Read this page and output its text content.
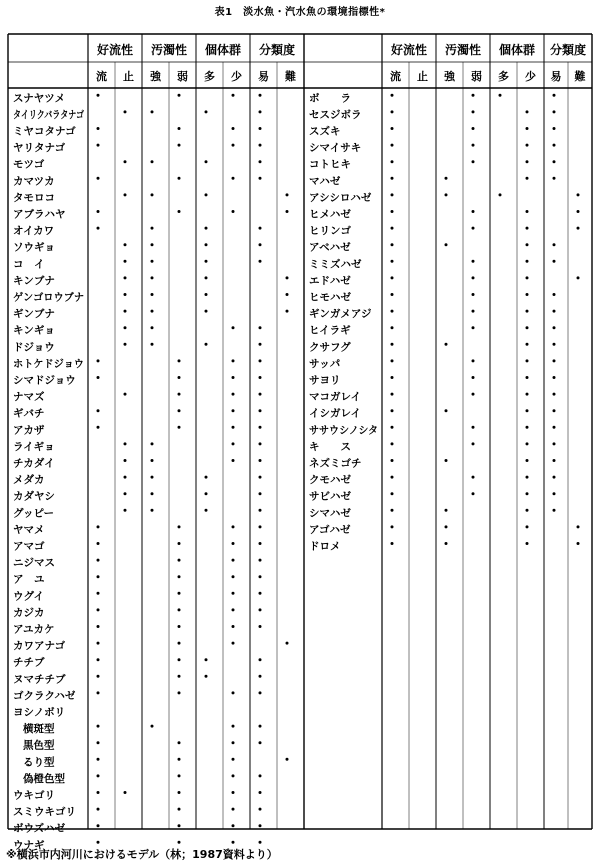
表1　淡水魚・汽水魚の環境指標性*
好流性 汚濁性 個体群 分類度
流 止 強 弱 多 少 易 難
好流性 汚濁性 個体群 分類度
流 止 強 弱 多 少 易 難
スナヤツメ
タイリクバラタナゴ
ミヤコタナゴ
ヤリタナゴ
モツゴ
カマツカ
タモロコ
アブラハヤ
オイカワ
ソウギョ
コ　イ
キンブナ
ゲンゴロウブナ
ギンブナ
キンギョ
ドジョウ
ホトケドジョウ
シマドジョウ
ナマズ
ギバチ
アカザ
ライギョ
チカダイ
メダカ
カダヤシ
グッピー
ヤマメ
アマゴ
ニジマス
ア　ユ
ウグイ
カジカ
アユカケ
カワアナゴ
チチブ
ヌマチチブ
ゴクラクハゼ
ヨシノボリ
横斑型
黒色型
るり型
偽橙色型
ウキゴリ
スミウキゴリ
ボウズハゼ
ウナギ
ボ　　ラ
セスジボラ
スズキ
シマイサキ
コトヒキ
マハゼ
アシシロハゼ
ヒメハゼ
ヒリンゴ
アベハゼ
ミミズハゼ
エドハゼ
ヒモハゼ
ギンガメアジ
ヒイラギ
クサフグ
サッパ
サヨリ
マコガレイ
イシガレイ
ササウシノシタ
キ　　ス
ネズミゴチ
クモハゼ
サビハゼ
シマハゼ
アゴハゼ
ドロメ
※横浜市内河川におけるモデル（林；1987資料より）
